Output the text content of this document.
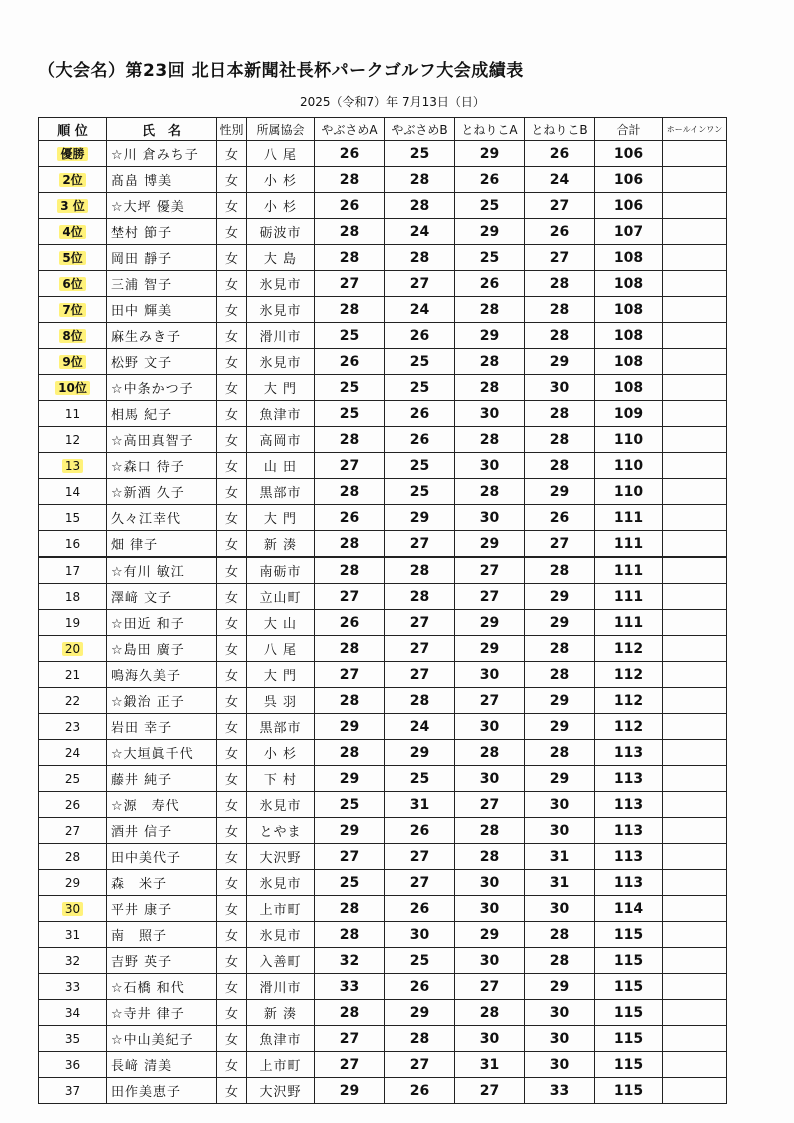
（大会名）第23回 北日本新聞社長杯パークゴルフ大会成績表
2025（令和7）年 7月13日（日）
順 位	氏　名	性別	所属協会	やぶさめA	やぶさめB	とねりこA	とねりこB	合計	ホールインワン
優勝	☆川 倉みち子	女	八 尾	26	25	29	26	106	
2位	髙畠 博美	女	小 杉	28	28	26	24	106	
3 位	☆大坪 優美	女	小 杉	26	28	25	27	106	
4位	埜村 節子	女	砺波市	28	24	29	26	107	
5位	岡田 靜子	女	大 島	28	28	25	27	108	
6位	三浦 智子	女	氷見市	27	27	26	28	108	
7位	田中 輝美	女	氷見市	28	24	28	28	108	
8位	麻生みき子	女	滑川市	25	26	29	28	108	
9位	松野 文子	女	氷見市	26	25	28	29	108	
10位	☆中条かつ子	女	大 門	25	25	28	30	108	
11	相馬 紀子	女	魚津市	25	26	30	28	109	
12	☆高田真智子	女	高岡市	28	26	28	28	110	
13	☆森口 待子	女	山 田	27	25	30	28	110	
14	☆新酒 久子	女	黒部市	28	25	28	29	110	
15	久々江幸代	女	大 門	26	29	30	26	111	
16	畑 律子	女	新 湊	28	27	29	27	111	
17	☆有川 敏江	女	南砺市	28	28	27	28	111	
18	澤﨑 文子	女	立山町	27	28	27	29	111	
19	☆田近 和子	女	大 山	26	27	29	29	111	
20	☆島田 廣子	女	八 尾	28	27	29	28	112	
21	鳴海久美子	女	大 門	27	27	30	28	112	
22	☆鍛治 正子	女	呉 羽	28	28	27	29	112	
23	岩田 幸子	女	黒部市	29	24	30	29	112	
24	☆大垣眞千代	女	小 杉	28	29	28	28	113	
25	藤井 純子	女	下 村	29	25	30	29	113	
26	☆源　寿代	女	氷見市	25	31	27	30	113	
27	酒井 信子	女	とやま	29	26	28	30	113	
28	田中美代子	女	大沢野	27	27	28	31	113	
29	森　米子	女	氷見市	25	27	30	31	113	
30	平井 康子	女	上市町	28	26	30	30	114	
31	南　照子	女	氷見市	28	30	29	28	115	
32	吉野 英子	女	入善町	32	25	30	28	115	
33	☆石橋 和代	女	滑川市	33	26	27	29	115	
34	☆寺井 律子	女	新 湊	28	29	28	30	115	
35	☆中山美紀子	女	魚津市	27	28	30	30	115	
36	長﨑 清美	女	上市町	27	27	31	30	115	
37	田作美恵子	女	大沢野	29	26	27	33	115	
